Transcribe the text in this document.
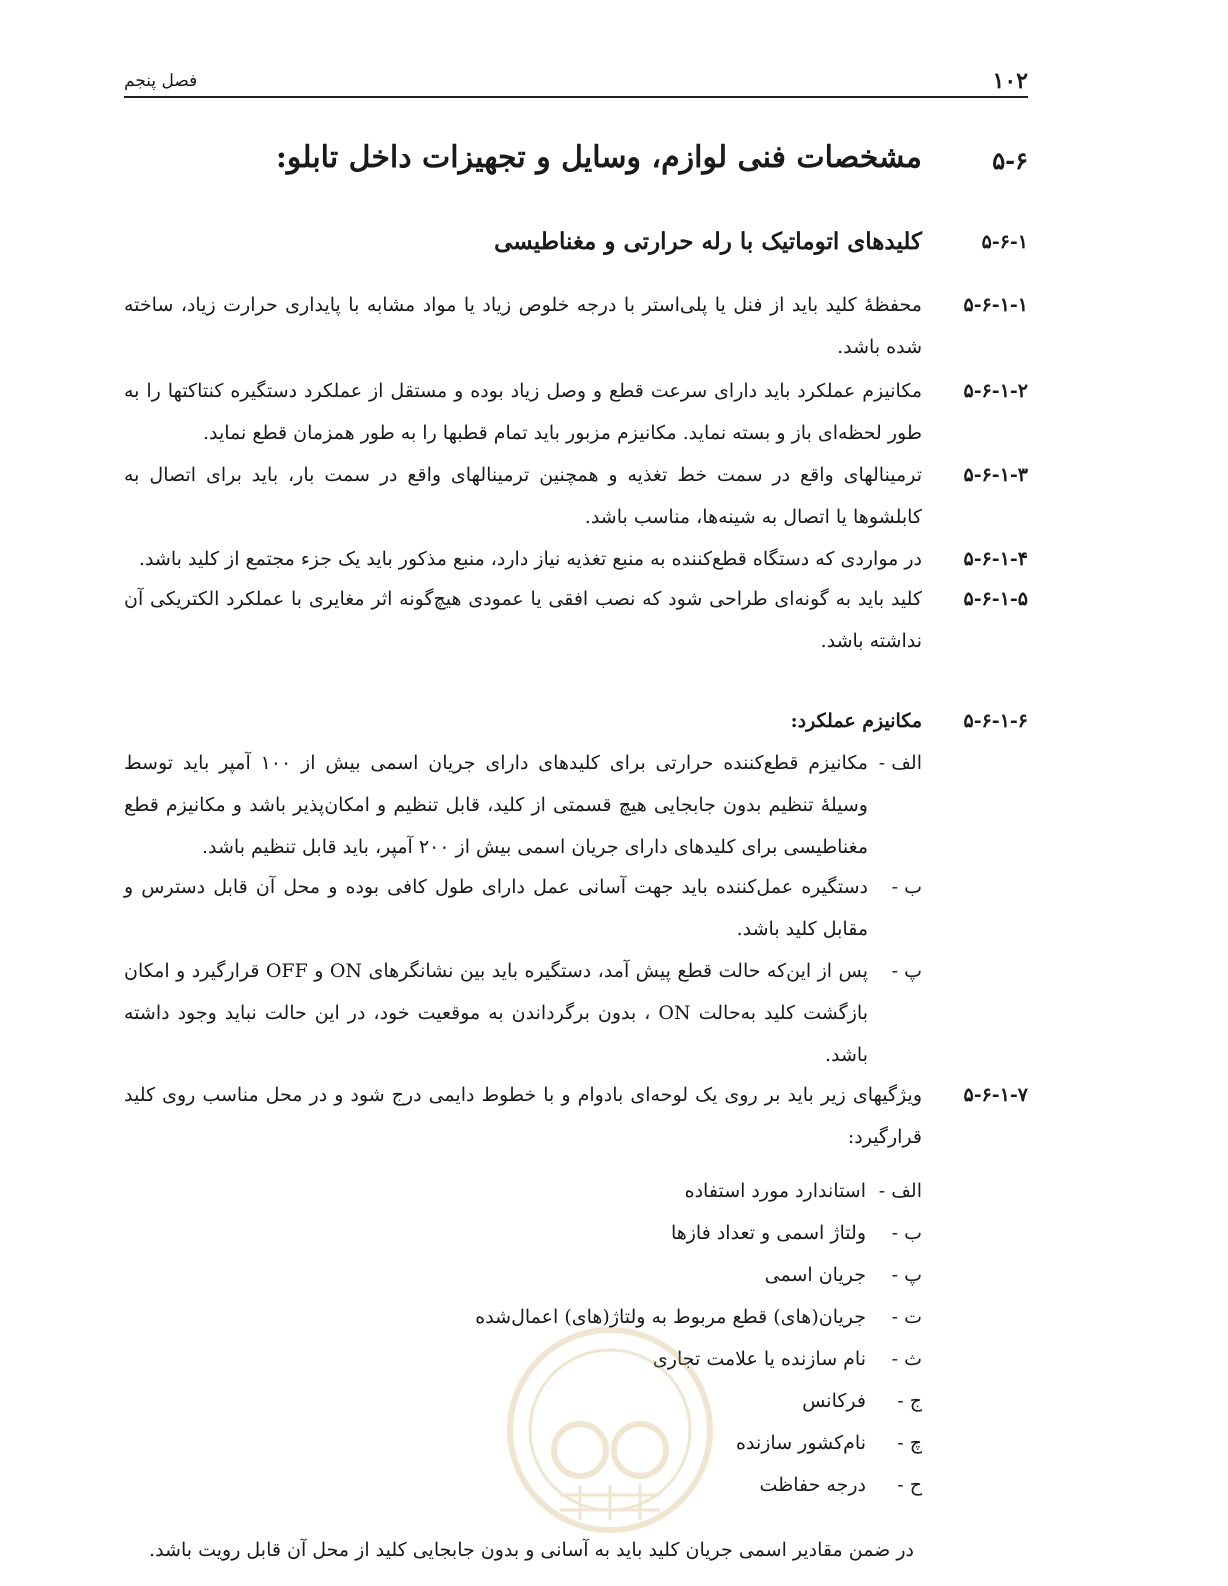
۱۰۲
فصل پنجم
۵-۶
مشخصات فنی لوازم، وسایل و تجهیزات داخل تابلو:
۵-۶-۱
کلیدهای اتوماتیک با رله حرارتی و مغناطیسی
۵-۶-۱-۱
محفظهٔ کلید باید از فنل یا پلی‌استر با درجه خلوص زیاد یا مواد مشابه با پایداری حرارت زیاد، ساخته شده باشد.
۵-۶-۱-۲
مکانیزم عملکرد باید دارای سرعت قطع و وصل زیاد بوده و مستقل از عملکرد دستگیره کنتاکتها را به طور لحظه‌ای باز و بسته نماید. مکانیزم مزبور باید تمام قطبها را به طور همزمان قطع نماید.
۵-۶-۱-۳
ترمینالهای واقع در سمت خط تغذیه و همچنین ترمینالهای واقع در سمت بار، باید برای اتصال به کابلشوها یا اتصال به شینه‌ها، مناسب باشد.
۵-۶-۱-۴
در مواردی که دستگاه قطع‌کننده به منبع تغذیه نیاز دارد، منبع مذکور باید یک جزء مجتمع از کلید باشد.
۵-۶-۱-۵
کلید باید به گونه‌ای طراحی شود که نصب افقی یا عمودی هیچ‌گونه اثر مغایری با عملکرد الکتریکی آن نداشته باشد.
۵-۶-۱-۶
مکانیزم عملکرد:
الف -
مکانیزم قطع‌کننده حرارتی برای کلیدهای دارای جریان اسمی بیش از ۱۰۰ آمپر باید توسط وسیلهٔ تنظیم بدون جابجایی هیچ قسمتی از کلید، قابل تنظیم و امکان‌پذیر باشد و مکانیزم قطع مغناطیسی برای کلیدهای دارای جریان اسمی بیش از ۲۰۰ آمپر، باید قابل تنظیم باشد.
ب -
دستگیره عمل‌کننده باید جهت آسانی عمل دارای طول کافی بوده و محل آن قابل دسترس و مقابل کلید باشد.
پ -
پس از این‌که حالت قطع پیش آمد، دستگیره باید بین نشانگرهای ON و OFF قرارگیرد و امکان بازگشت کلید به‌حالت ON ، بدون برگرداندن به موقعیت خود، در این حالت نباید وجود داشته باشد.
۵-۶-۱-۷
ویژگیهای زیر باید بر روی یک لوحه‌ای بادوام و با خطوط دایمی درج شود و در محل مناسب روی کلید قرارگیرد:
الف -
استاندارد مورد استفاده
ب -
ولتاژ اسمی و تعداد فازها
پ -
جریان اسمی
ت -
جریان(های) قطع مربوط به ولتاژ(های) اعمال‌شده
ث -
نام سازنده یا علامت تجاری
ج -
فرکانس
چ -
نام‌کشور سازنده
ح -
درجه حفاظت
در ضمن مقادیر اسمی جریان کلید باید به آسانی و بدون جابجایی کلید از محل آن قابل رویت باشد.
